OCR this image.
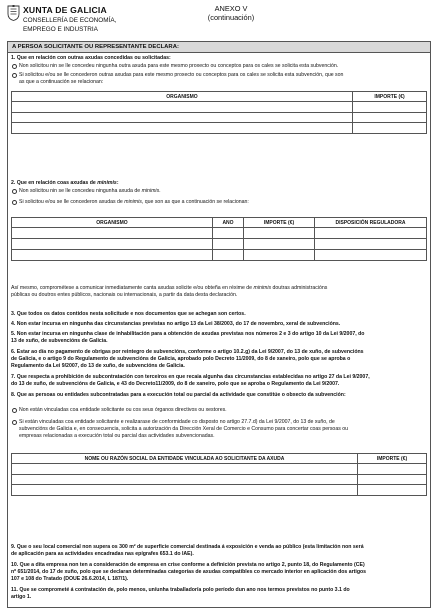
XUNTA DE GALICIA
CONSELLERÍA DE ECONOMÍA,
EMPREGO E INDUSTRIA
ANEXO V
(continuación)
A PERSOA SOLICITANTE OU REPRESENTANTE DECLARA:
1. Que en relación con outras axudas concedidas ou solicitadas:
Non solicitou nin se lle concedeu ningunha outra axuda para este mesmo proxecto ou conceptos para os cales se solicita esta subvención.
Si solicitou e/ou se lle concederon outras axudas para este mesmo proxecto ou conceptos para os cales se solicita esta subvención, que son
as que a continuación se relacionan:
ORGANISMO	IMPORTE (€)

2. Que en relación coas axudas de minimis:
Non solicitou nin se lle concedeu ningunha axuda de minimis.
Si solicitou e/ou se lle concederon axudas de minimis, que son as que a continuación se relacionan:
ORGANISMO	ANO	IMPORTE (€)	DISPOSICIÓN REGULADORA

Así mesmo, comprométese a comunicar inmediatamente canta axudas solicite e/ou obteña en réxime de minimis doutras administracións
públicas ou doutros entes públicos, nacionais ou internacionais, a partir da data desta declaración.
3. Que todos os datos contidos nesta solicitude e nos documentos que se achegan son certos.
4. Non estar incursa en ningunha das circunstancias previstas no artigo 13 da Lei 38/2003, do 17 de novembro, xeral de subvencións.
5. Non estar incursa en ningunha clase de inhabilitación para a obtención de axudas previstas nos números 2 e 3 do artigo 10 da Lei 9/2007, do
13 de xuño, de subvencións de Galicia.
6. Estar ao día no pagamento de obrigas por reintegro de subvencións, conforme o artigo 10.2.g) da Lei 9/2007, do 13 de xuño, de subvencións
de Galicia, e o artigo 9 do Regulamento de subvencións de Galicia, aprobado polo Decreto 11/2009, do 8 de xaneiro, polo que se aproba o
Regulamento da Lei 9/2007, do 13 de xuño, de subvencións de Galicia.
7. Que respecta a prohibición de subcontratación con terceiros en que recaia algunha das circunstancias establecidas no artigo 27 da Lei 9/2007,
do 13 de xuño, de subvencións de Galicia, e 43 do Decreto11/2009, do 8 de xaneiro, polo que se aproba o Regulamento da Lei 9/2007.
8. Que as persoas ou entidades subcontratadas para a execución total ou parcial da actividade que constitúe o obxecto da subvención:
Non están vinculadas coa entidade solicitante ou cos seus órganos directivos ou xestores.
Si están vinculadas coa entidade solicitante e realizarase de conformidade co disposto no artigo 27.7.d) da Lei 9/2007, do 13 de xuño, de
subvencións de Galicia e, en consecuencia, solicita a autorización da Dirección Xeral de Comercio e Consumo para concertar coas persoas ou
empresas relacionadas a execución total ou parcial das actividades subvencionadas.
NOME OU RAZÓN SOCIAL DA ENTIDADE VINCULADA AO SOLICITANTE DA AXUDA	IMPORTE (€)

9. Que o seu local comercial non supera os 300 m² de superficie comercial destinada á exposición e venda ao público (esta limitación non será
de aplicación para as actividades encadradas nas epígrafes 653.1 do IAE).
10. Que a dita empresa non ten a consideración de empresa en crise conforme a definición prevista no artigo 2, punto 18, do Regulamento (CE)
nº 651/2014, do 17 de xuño, polo que se declaran determinadas categorías de axudas compatibles co mercado interior en aplicación dos artigos
107 e 108 do Tratado (DOUE 26.6.2014, L 187/1).
11. Que se comprometé á contratación de, polo menos, un/unha traballador/a polo período dun ano nos termos previstos no punto 3.1 do
artigo 1.
